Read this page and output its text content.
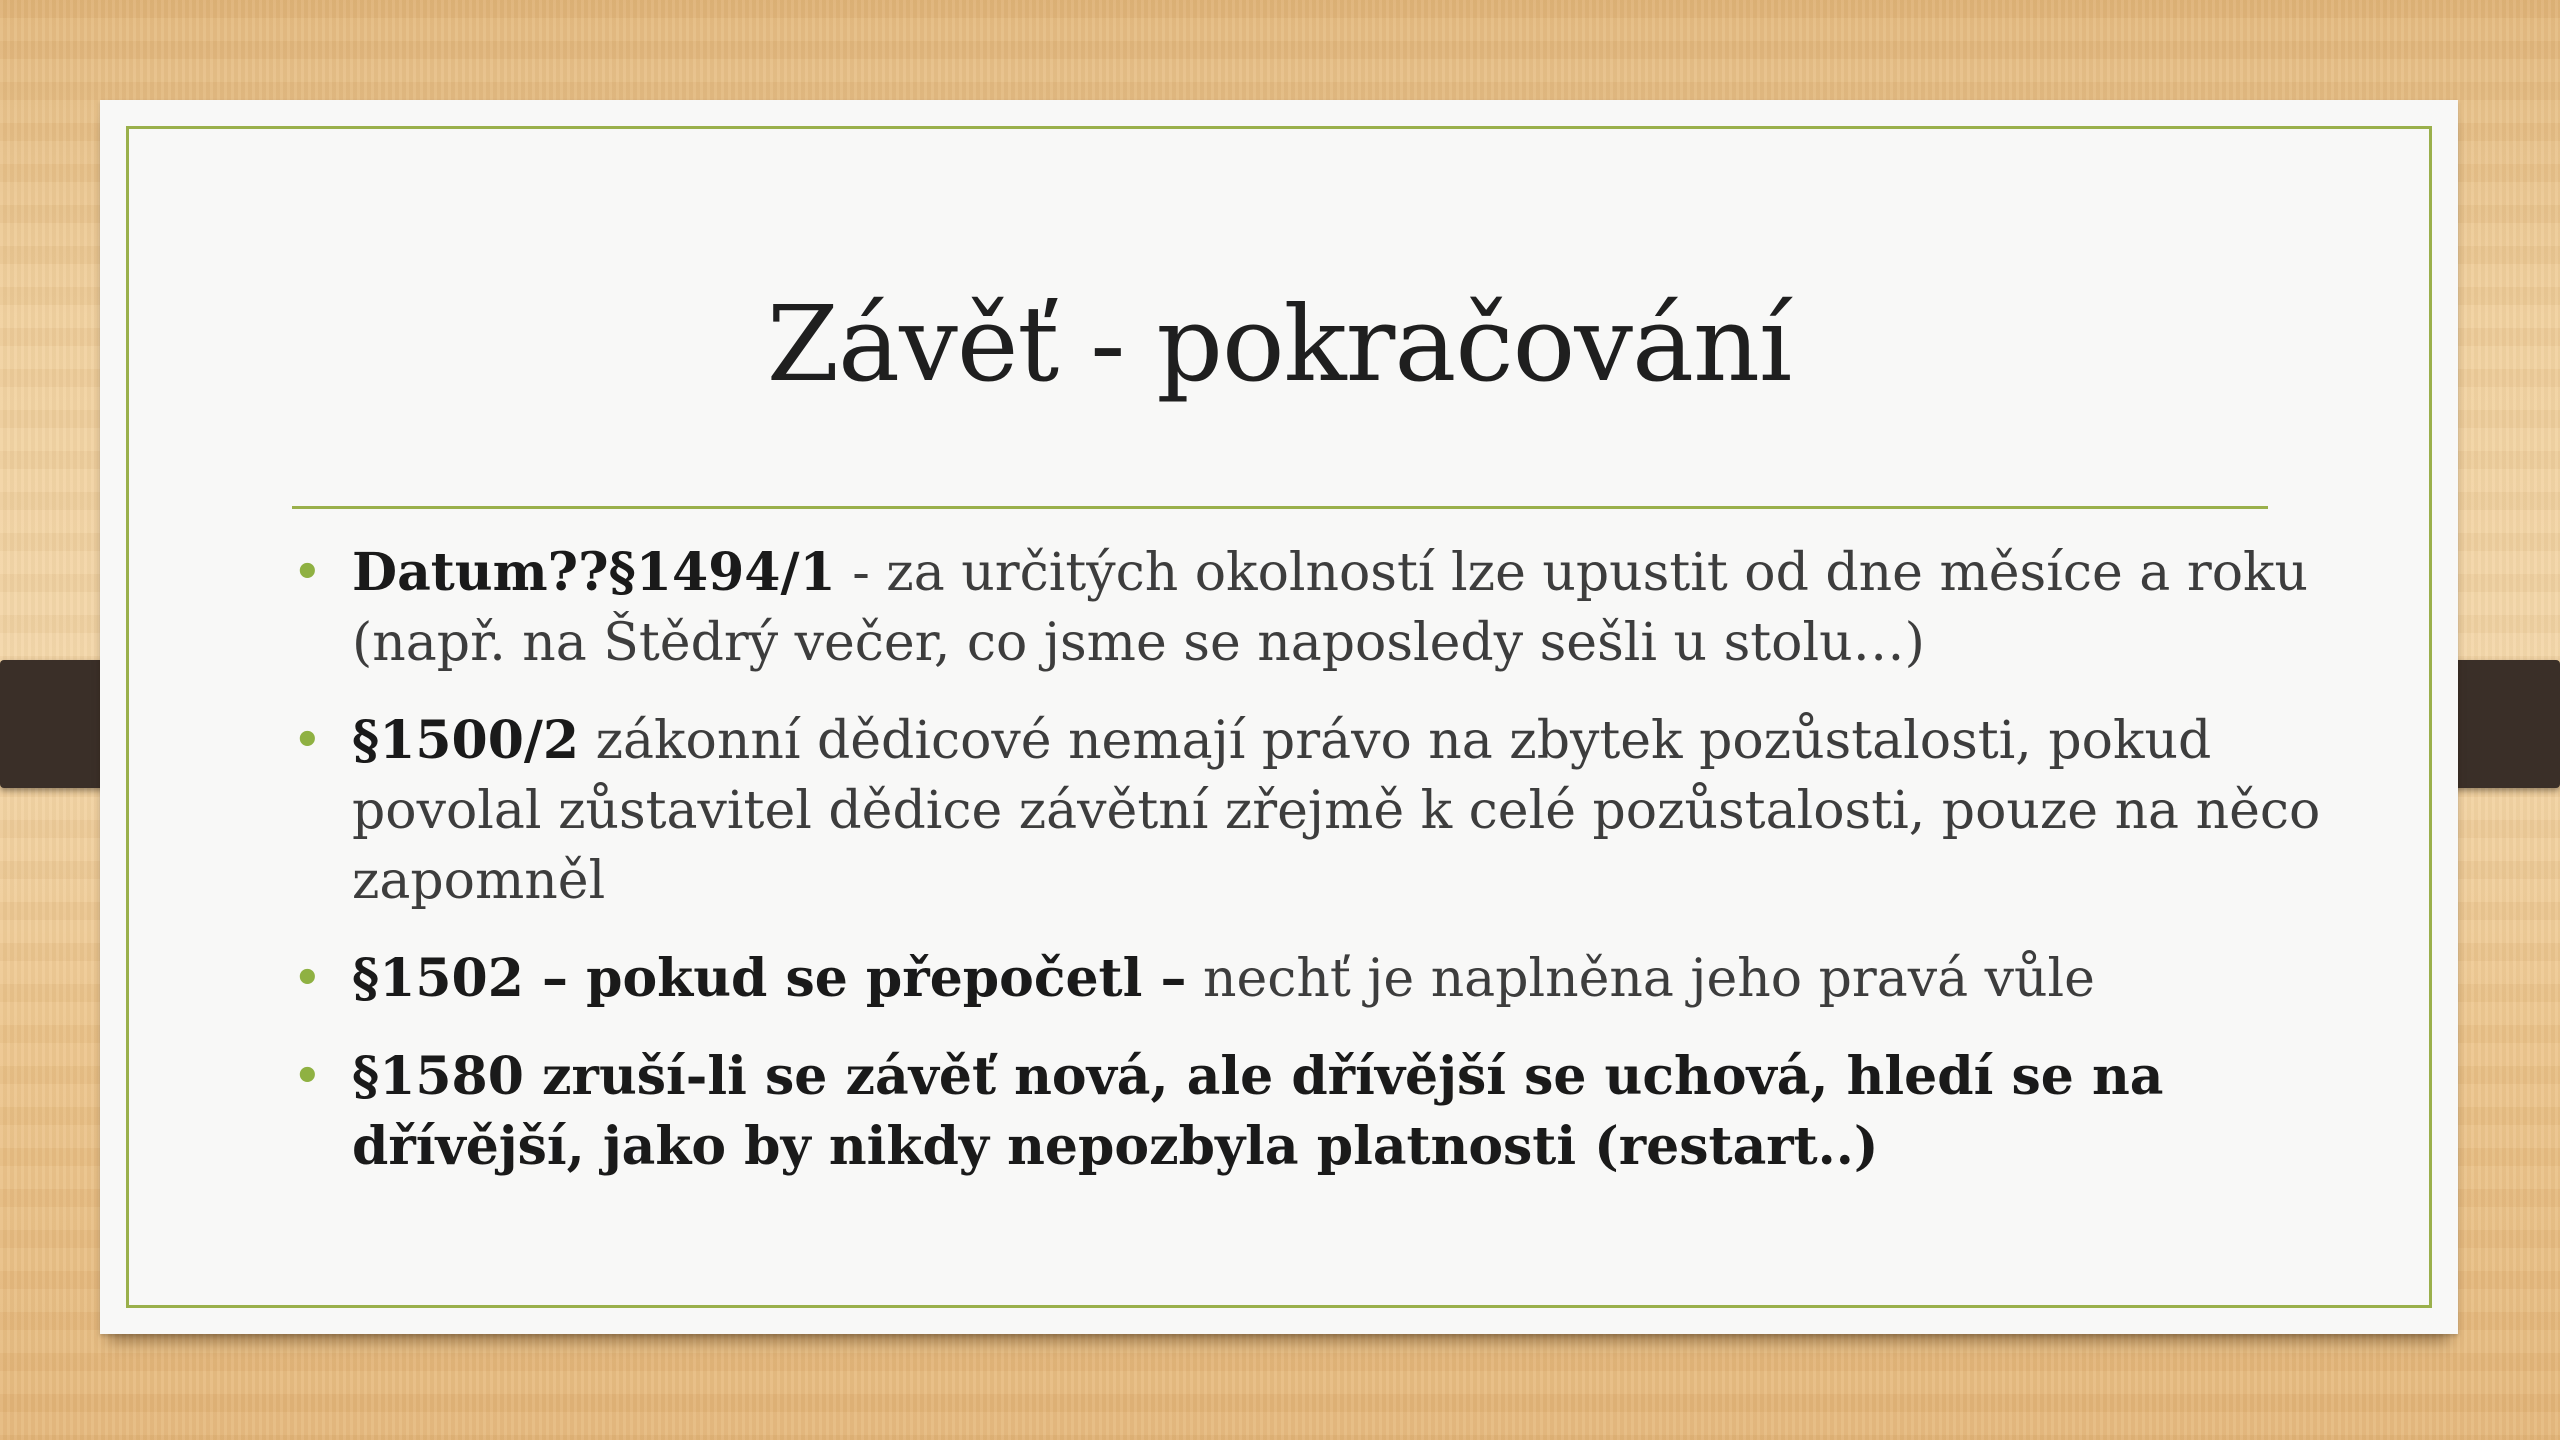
Závěť - pokračování
• Datum??§1494/1 - za určitých okolností lze upustit od dne měsíce a roku (např. na Štědrý večer, co jsme se naposledy sešli u stolu…)
• §1500/2 zákonní dědicové nemají právo na zbytek pozůstalosti, pokud povolal zůstavitel dědice závětní zřejmě k celé pozůstalosti, pouze na něco zapomněl
• §1502 – pokud se přepočetl – nechť je naplněna jeho pravá vůle
• §1580 zruší-li se závěť nová, ale dřívější se uchová, hledí se na dřívější, jako by nikdy nepozbyla platnosti (restart..)
